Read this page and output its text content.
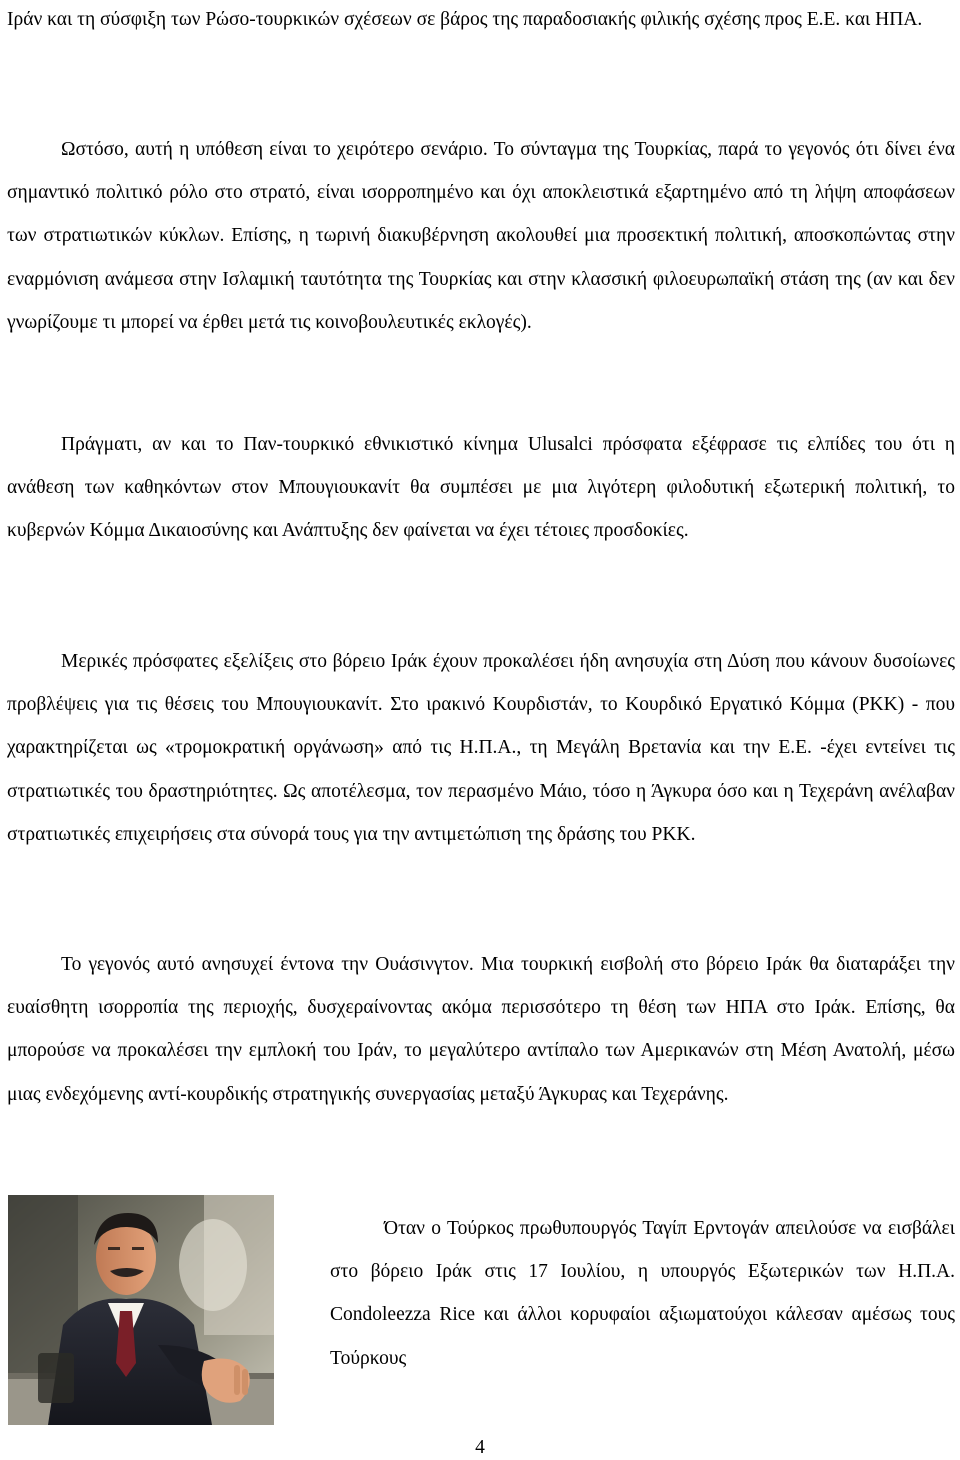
Ιράν και τη σύσφιξη των Ρώσο-τουρκικών σχέσεων σε βάρος της παραδοσιακής φιλικής σχέσης προς Ε.Ε. και ΗΠΑ.

Ωστόσο, αυτή η υπόθεση είναι το χειρότερο σενάριο. Το σύνταγμα της Τουρκίας, παρά το γεγονός ότι δίνει ένα σημαντικό πολιτικό ρόλο στο στρατό, είναι ισορροπημένο και όχι αποκλειστικά εξαρτημένο από τη λήψη αποφάσεων των στρατιωτικών κύκλων. Επίσης, η τωρινή διακυβέρνηση ακολουθεί μια προσεκτική πολιτική, αποσκοπώντας στην εναρμόνιση ανάμεσα στην Ισλαμική ταυτότητα της Τουρκίας και στην κλασσική φιλοευρωπαϊκή στάση της (αν και δεν γνωρίζουμε τι μπορεί να έρθει μετά τις κοινοβουλευτικές εκλογές).

Πράγματι, αν και το Παν-τουρκικό εθνικιστικό κίνημα Ulusalci πρόσφατα εξέφρασε τις ελπίδες του ότι η ανάθεση των καθηκόντων στον Μπουγιουκανίτ θα συμπέσει με μια λιγότερη φιλοδυτική εξωτερική πολιτική, το κυβερνών Κόμμα Δικαιοσύνης και Ανάπτυξης δεν φαίνεται να έχει τέτοιες προσδοκίες.

Μερικές πρόσφατες εξελίξεις στο βόρειο Ιράκ έχουν προκαλέσει ήδη ανησυχία στη Δύση που κάνουν δυσοίωνες προβλέψεις για τις θέσεις του Μπουγιουκανίτ. Στο ιρακινό Κουρδιστάν, το Κουρδικό Εργατικό Κόμμα (PKK) - που χαρακτηρίζεται ως «τρομοκρατική οργάνωση» από τις Η.Π.Α., τη Μεγάλη Βρετανία και την Ε.Ε. -έχει εντείνει τις στρατιωτικές του δραστηριότητες. Ως αποτέλεσμα, τον περασμένο Μάιο, τόσο η Άγκυρα όσο και η Τεχεράνη ανέλαβαν στρατιωτικές επιχειρήσεις στα σύνορά τους για την αντιμετώπιση της δράσης του PKK.

Το γεγονός αυτό ανησυχεί έντονα την Ουάσινγτον. Μια τουρκική εισβολή στο βόρειο Ιράκ θα διαταράξει την ευαίσθητη ισορροπία της περιοχής, δυσχεραίνοντας ακόμα περισσότερο τη θέση των ΗΠΑ στο Ιράκ. Επίσης, θα μπορούσε να προκαλέσει την εμπλοκή του Ιράν, το μεγαλύτερο αντίπαλο των Αμερικανών στη Μέση Ανατολή, μέσω μιας ενδεχόμενης αντί-κουρδικής στρατηγικής συνεργασίας μεταξύ Άγκυρας και Τεχεράνης.

Όταν ο Τούρκος πρωθυπουργός Ταγίπ Ερντογάν απειλούσε να εισβάλει στο βόρειο Ιράκ στις 17 Ιουλίου, η υπουργός Εξωτερικών των Η.Π.Α. Condoleezza Rice και άλλοι κορυφαίοι αξιωματούχοι κάλεσαν αμέσως τους Τούρκους

4
